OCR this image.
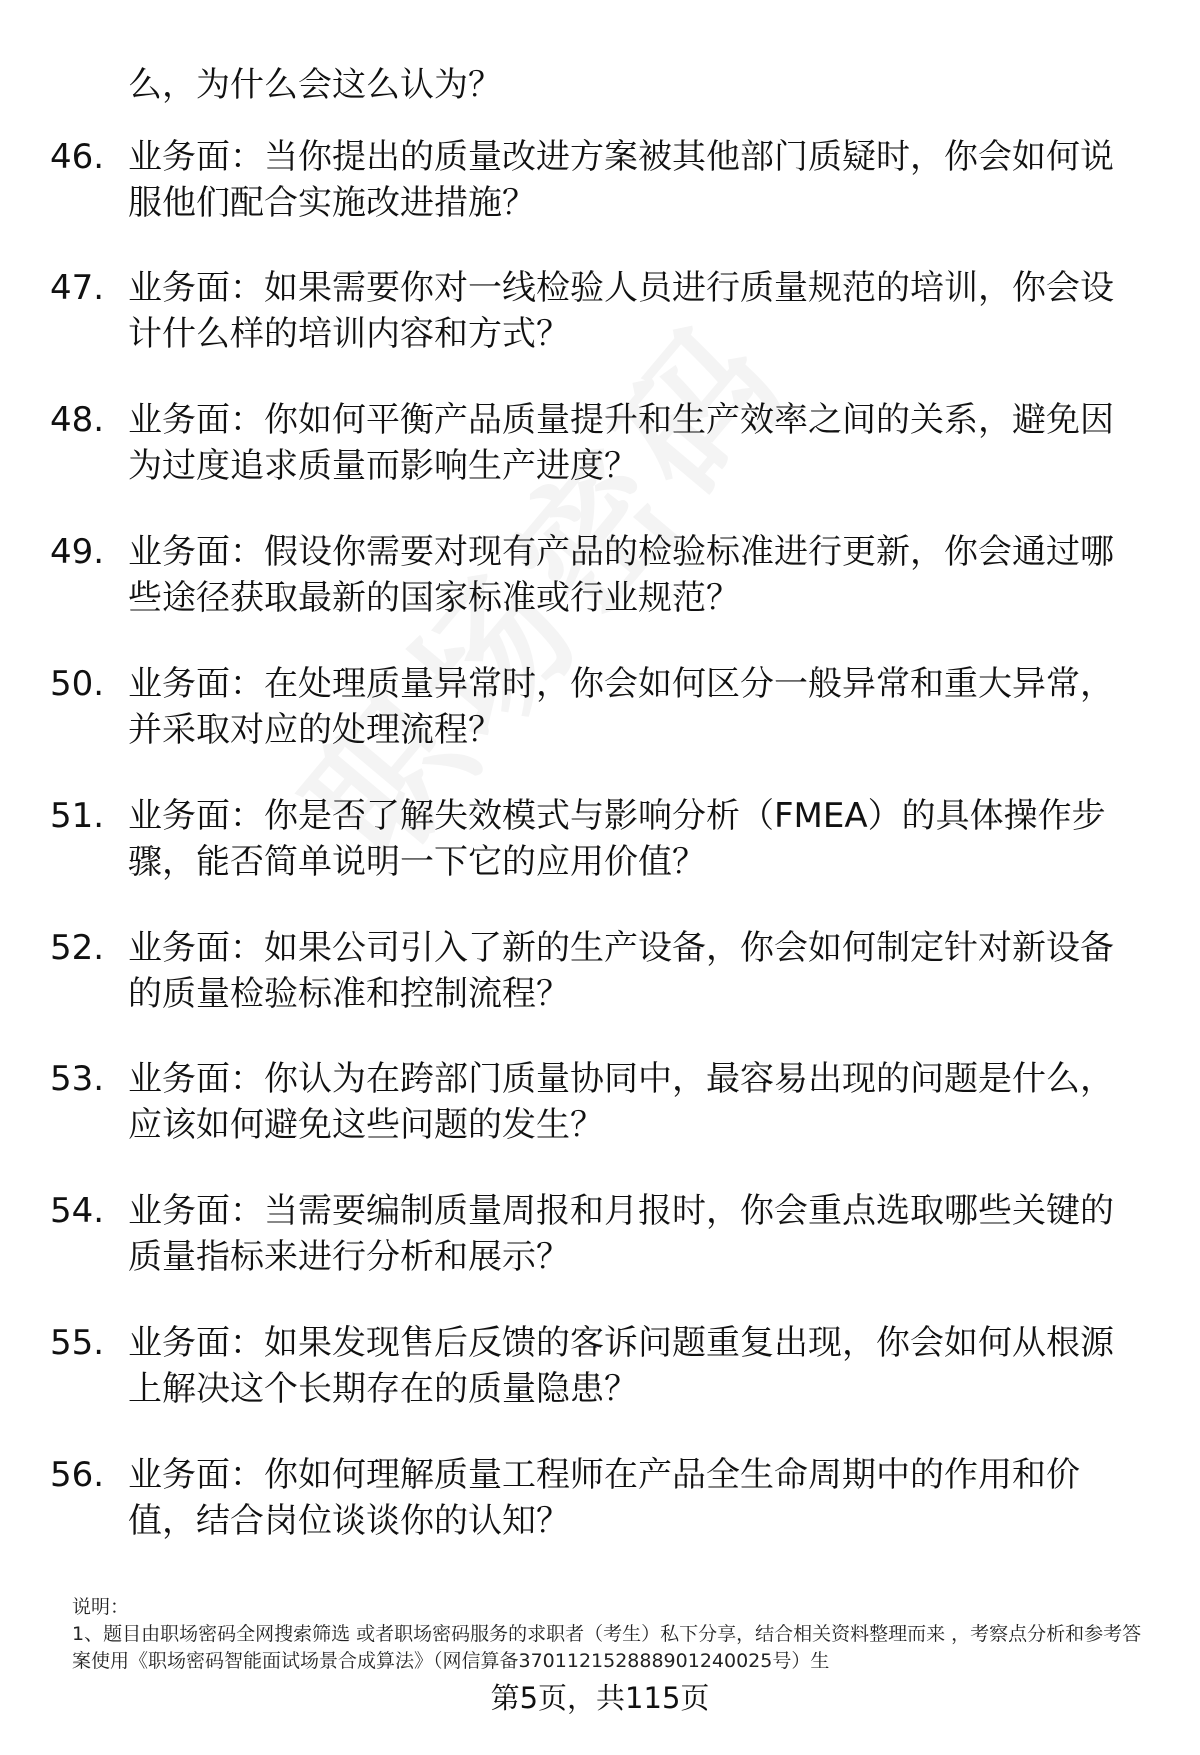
么，为什么会这么认为？
46. 业务面：当你提出的质量改进方案被其他部门质疑时，你会如何说服他们配合实施改进措施？
47. 业务面：如果需要你对一线检验人员进行质量规范的培训，你会设计什么样的培训内容和方式？
48. 业务面：你如何平衡产品质量提升和生产效率之间的关系，避免因为过度追求质量而影响生产进度？
49. 业务面：假设你需要对现有产品的检验标准进行更新，你会通过哪些途径获取最新的国家标准或行业规范？
50. 业务面：在处理质量异常时，你会如何区分一般异常和重大异常，并采取对应的处理流程？
51. 业务面：你是否了解失效模式与影响分析（FMEA）的具体操作步骤，能否简单说明一下它的应用价值？
52. 业务面：如果公司引入了新的生产设备，你会如何制定针对新设备的质量检验标准和控制流程？
53. 业务面：你认为在跨部门质量协同中，最容易出现的问题是什么，应该如何避免这些问题的发生？
54. 业务面：当需要编制质量周报和月报时，你会重点选取哪些关键的质量指标来进行分析和展示？
55. 业务面：如果发现售后反馈的客诉问题重复出现，你会如何从根源上解决这个长期存在的质量隐患？
56. 业务面：你如何理解质量工程师在产品全生命周期中的作用和价值，结合岗位谈谈你的认知？
说明：
1、题目由职场密码全网搜索筛选 或者职场密码服务的求职者（考生）私下分享，结合相关资料整理而来 ，考察点分析和参考答案使用《职场密码智能面试场景合成算法》（网信算备370112152888901240025号）生
第5页，共115页
